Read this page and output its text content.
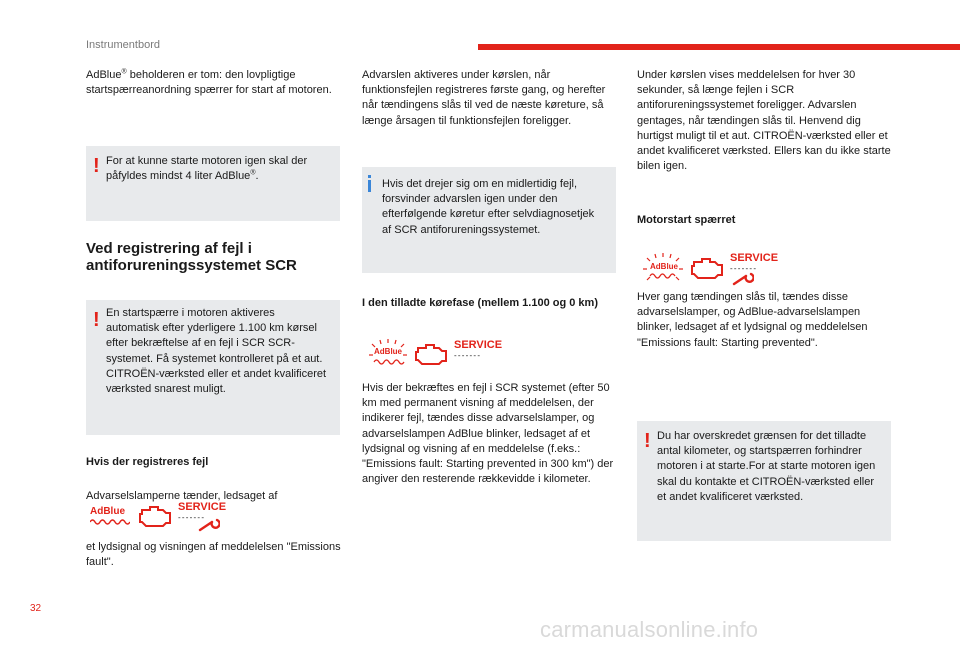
Instrumentbord

AdBlue® beholderen er tom: den lovpligtige startspærreanordning spærrer for start af motoren.

! For at kunne starte motoren igen skal der påfyldes mindst 4 liter AdBlue®.

Ved registrering af fejl i antiforureningssystemet SCR
! En startspærre i motoren aktiveres automatisk efter yderligere 1.100 km kørsel efter bekræftelse af en fejl i SCR SCR-systemet. Få systemet kontrolleret på et aut. CITROËN-værksted eller et andet kvalificeret værksted snarest muligt.

Hvis der registreres fejl

Advarselslamperne tænder, ledsaget af

AdBlue	SERVICE
- - - - - - -

et lydsignal og visningen af meddelelsen "Emissions fault".

Advarslen aktiveres under kørslen, når funktionsfejlen registreres første gang, og herefter når tændingens slås til ved de næste køreture, så længe årsagen til funktionsfejlen foreligger.

Hvis det drejer sig om en midlertidig fejl, forsvinder advarslen igen under den efterfølgende køretur efter selvdiagnosetjek af SCR antiforureningssystemet.

I den tilladte kørefase (mellem 1.100 og 0 km)

AdBlue
SERVICE
- - - - - - -

Hvis der bekræftes en fejl i SCR systemet (efter 50 km med permanent visning af meddelelsen, der indikerer fejl, tændes disse advarselslamper, og advarselslampen AdBlue blinker, ledsaget af et lydsignal og visning af en meddelelse (f.eks.: "Emissions fault: Starting prevented in 300 km") der angiver den resterende rækkevidde i kilometer.

Under kørslen vises meddelelsen for hver 30 sekunder, så længe fejlen i SCR antiforureningssystemet foreligger. Advarslen gentages, når tændingen slås til. Henvend dig hurtigst muligt til et aut. CITROËN-værksted eller et andet kvalificeret værksted. Ellers kan du ikke starte bilen igen.

Motorstart spærret

AdBlue
SERVICE
- - - - - - -

Hver gang tændingen slås til, tændes disse advarselslamper, og AdBlue-advarselslampen blinker, ledsaget af et lydsignal og meddelelsen "Emissions fault: Starting prevented".

! Du har overskredet grænsen for det tilladte antal kilometer, og startspærren forhindrer motoren i at starte.For at starte motoren igen skal du kontakte et CITROËN-værksted eller et andet kvalificeret værksted.

32
carmanualsonline.info
